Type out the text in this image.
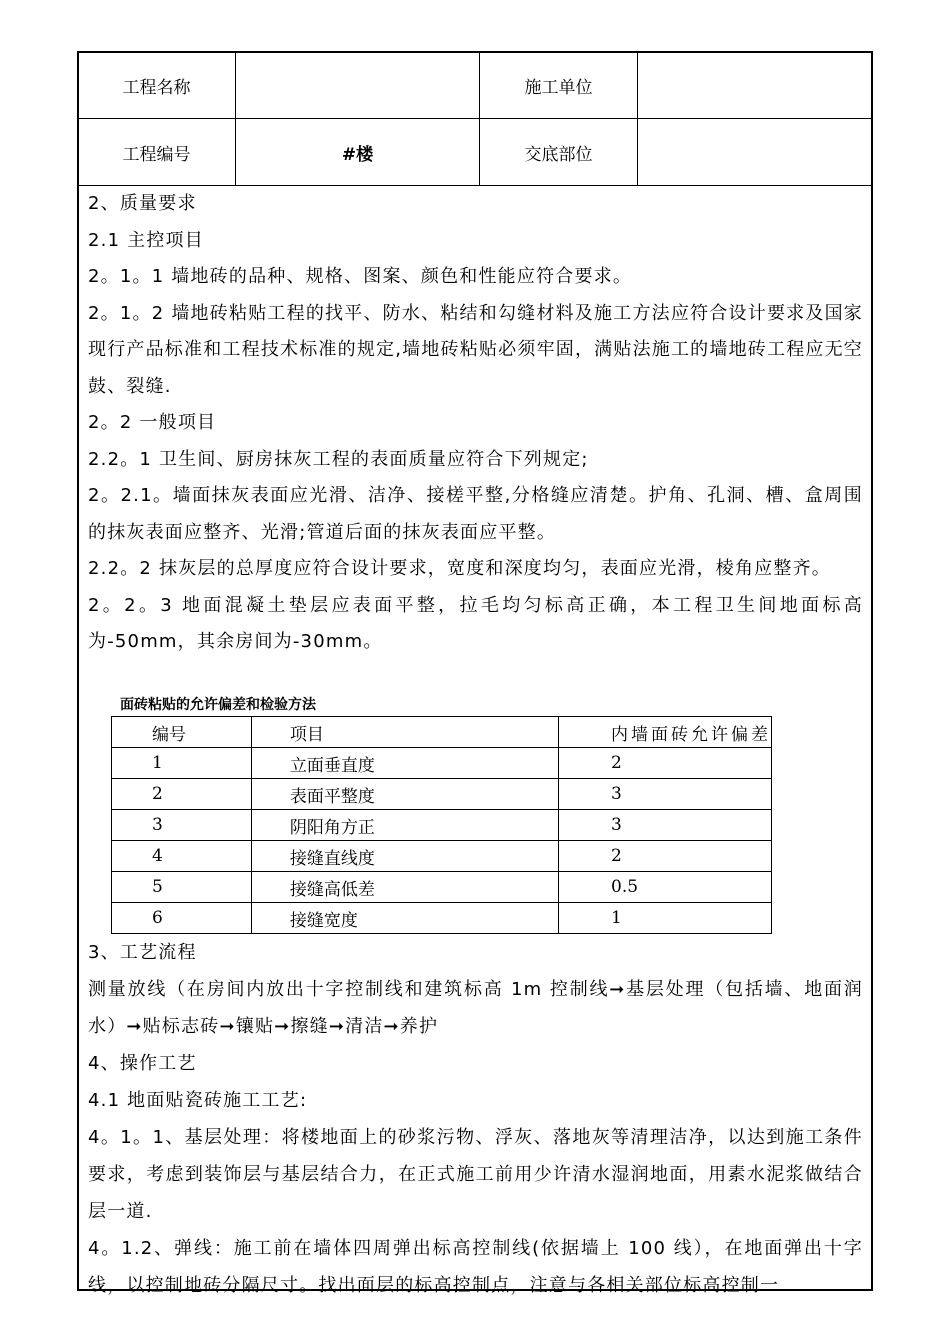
工程名称		施工单位	
工程编号	#楼	交底部位	

2、质量要求

2.1 主控项目

2。1。1 墙地砖的品种、规格、图案、颜色和性能应符合要求。

2。1。2 墙地砖粘贴工程的找平、防水、粘结和勾缝材料及施工方法应符合设计要求及国家现行产品标准和工程技术标准的规定,墙地砖粘贴必须牢固，满贴法施工的墙地砖工程应无空鼓、裂缝.

2。2 一般项目

2.2。1 卫生间、厨房抹灰工程的表面质量应符合下列规定;

2。2.1。墙面抹灰表面应光滑、洁净、接槎平整,分格缝应清楚。护角、孔洞、槽、盒周围的抹灰表面应整齐、光滑;管道后面的抹灰表面应平整。

2.2。2 抹灰层的总厚度应符合设计要求，宽度和深度均匀，表面应光滑，棱角应整齐。

2。2。3 地面混凝土垫层应表面平整，拉毛均匀标高正确，本工程卫生间地面标高为-50mm，其余房间为-30mm。

面砖粘贴的允许偏差和检验方法
编号	项目	内墙面砖允许偏差
1	立面垂直度	2
2	表面平整度	3
3	阴阳角方正	3
4	接缝直线度	2
5	接缝高低差	0.5
6	接缝宽度	1

3、工艺流程

测量放线（在房间内放出十字控制线和建筑标高 1m 控制线➞基层处理（包括墙、地面润水）➞贴标志砖➞镶贴➞擦缝➞清洁➞养护

4、操作工艺

4.1 地面贴瓷砖施工工艺:

4。1。1、基层处理：将楼地面上的砂浆污物、浮灰、落地灰等清理洁净，以达到施工条件要求，考虑到装饰层与基层结合力，在正式施工前用少许清水湿润地面，用素水泥浆做结合层一道.

4。1.2、弹线：施工前在墙体四周弹出标高控制线(依据墙上 100 线），在地面弹出十字线，以控制地砖分隔尺寸。找出面层的标高控制点，注意与各相关部位标高控制一
